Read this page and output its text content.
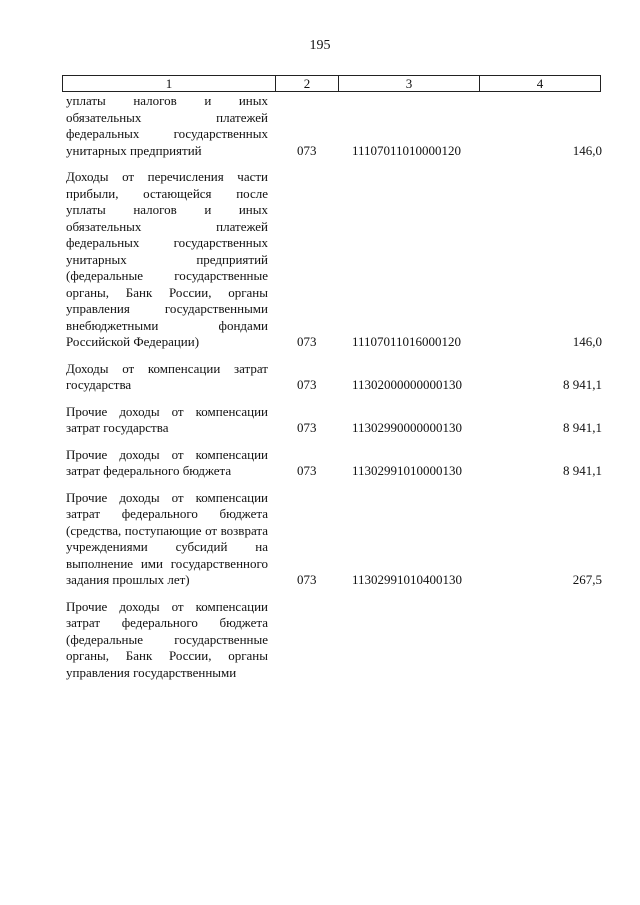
195
1	2	3	4
уплаты налогов и иных обязательных платежей федеральных государственных унитарных предприятий	073	11107011010000120	146,0
Доходы от перечисления части прибыли, остающейся после уплаты налогов и иных обязательных платежей федеральных государственных унитарных предприятий (федеральные государственные органы, Банк России, органы управления государственными внебюджетными фондами Российской Федерации)	073	11107011016000120	146,0
Доходы от компенсации затрат государства	073	11302000000000130	8 941,1
Прочие доходы от компенсации затрат государства	073	11302990000000130	8 941,1
Прочие доходы от компенсации затрат федерального бюджета	073	11302991010000130	8 941,1
Прочие доходы от компенсации затрат федерального бюджета (средства, поступающие от возврата учреждениями субсидий на выполнение ими государственного задания прошлых лет)	073	11302991010400130	267,5
Прочие доходы от компенсации затрат федерального бюджета (федеральные государственные органы, Банк России, органы управления государственными
